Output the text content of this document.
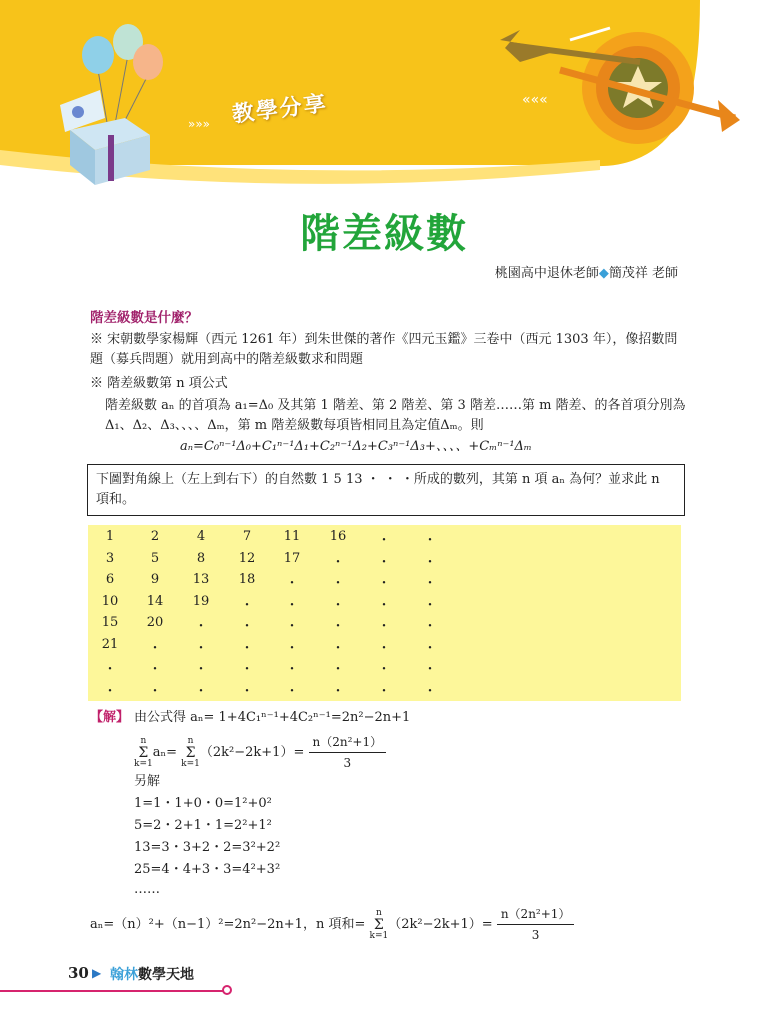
«««
»»» 教學分享
階差級數
桃園高中退休老師◆簡茂祥 老師
階差級數是什麼？
※ 宋朝數學家楊輝（西元 1261 年）到朱世傑的著作《四元玉鑑》三卷中（西元 1303 年），像招數問題（募兵問題）就用到高中的階差級數求和問題
※ 階差級數第 n 項公式
階差級數 aₙ 的首項為 a₁=Δ₀ 及其第 1 階差、第 2 階差、第 3 階差……第 m 階差、的各首項分別為 Δ₁、Δ₂、Δ₃、、、、Δₘ，第 m 階差級數每項皆相同且為定值Δₘ。則
aₙ=C₀ⁿ⁻¹Δ₀+C₁ⁿ⁻¹Δ₁+C₂ⁿ⁻¹Δ₂+C₃ⁿ⁻¹Δ₃+、、、、+Cₘⁿ⁻¹Δₘ
下圖對角線上（左上到右下）的自然數 1 5 13 ・ ・ ・所成的數列，其第 n 項 aₙ 為何？並求此 n 項和。
1	2	4	7	11	16	・	・
3	5	8	12	17	・	・	・
6	9	13	18	・	・	・	・
10	14	19	・	・	・	・	・
15	20	・	・	・	・	・	・
21	・	・	・	・	・	・	・
・	・	・	・	・	・	・	・
・	・	・	・	・	・	・	・
【解】 由公式得 aₙ= 1+4C₁ⁿ⁻¹+4C₂ⁿ⁻¹=2n²−2n+1
n
Σ
k=1aₙ= n
Σ
$k=1(2k^2-2k+1)= \frac{\text{n（2n²+1）}}{3}$
另解
1=1・1+0・0=1²+0²
5=2・2+1・1=2²+1²
13=3・3+2・2=3²+2²
25=4・4+3・3=4²+3²
……
aₙ=（n）²+（n−1）²=2n²−2n+1，n 項和= n
Σ
$k=1(2k^2-2k+1)= \frac{\text{n（2n²+1）}}{3}$
30 ▶ 翰林數學天地
